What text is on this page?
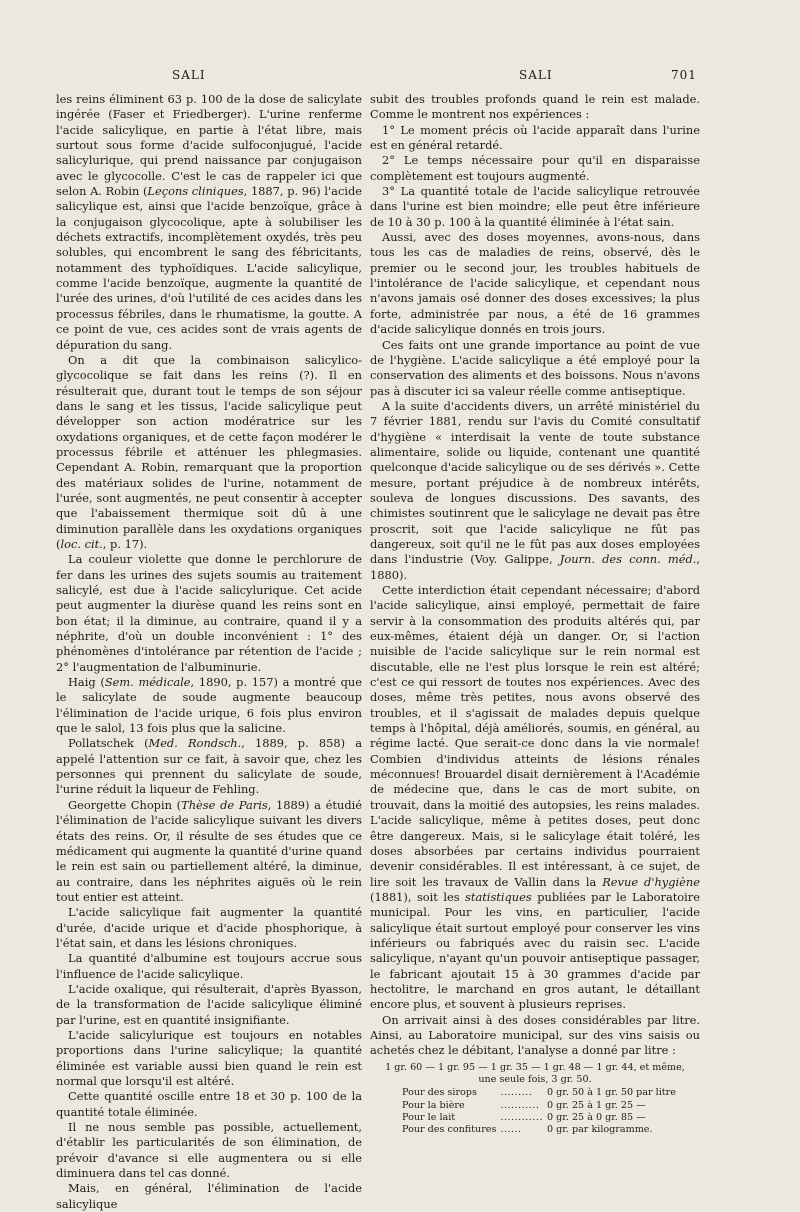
SALI	SALI	701

les reins éliminent 63 p. 100 de la dose de salicylate ingérée (Faser et Friedberger). L'urine renferme l'acide salicylique, en partie à l'état libre, mais surtout sous forme d'acide sulfoconjugué, l'acide salicylurique, qui prend naissance par conjugaison avec le glycocolle. C'est le cas de rappeler ici que selon A. Robin (Leçons cliniques, 1887, p. 96) l'acide salicylique est, ainsi que l'acide benzoïque, grâce à la conjugaison glycocolique, apte à solubiliser les déchets extractifs, incomplètement oxydés, très peu solubles, qui encombrent le sang des fébricitants, notamment des typhoïdiques. L'acide salicylique, comme l'acide benzoïque, augmente la quantité de l'urée des urines, d'où l'utilité de ces acides dans les processus fébriles, dans le rhumatisme, la goutte. A ce point de vue, ces acides sont de vrais agents de dépuration du sang.

On a dit que la combinaison salicylico-glycocolique se fait dans les reins (?). Il en résulterait que, durant tout le temps de son séjour dans le sang et les tissus, l'acide salicylique peut développer son action modératrice sur les oxydations organiques, et de cette façon modérer le processus fébrile et atténuer les phlegmasies. Cependant A. Robin, remarquant que la proportion des matériaux solides de l'urine, notamment de l'urée, sont augmentés, ne peut consentir à accepter que l'abaissement thermique soit dû à une diminution parallèle dans les oxydations organiques (loc. cit., p. 17).

La couleur violette que donne le perchlorure de fer dans les urines des sujets soumis au traitement salicylé, est due à l'acide salicylurique. Cet acide peut augmenter la diurèse quand les reins sont en bon état; il la diminue, au contraire, quand il y a néphrite, d'où un double inconvénient : 1° des phénomènes d'intolérance par rétention de l'acide ; 2° l'augmentation de l'albuminurie.

Haig (Sem. médicale, 1890, p. 157) a montré que le salicylate de soude augmente beaucoup l'élimination de l'acide urique, 6 fois plus environ que le salol, 13 fois plus que la salicine.

Pollatschek (Med. Rondsch., 1889, p. 858) a appelé l'attention sur ce fait, à savoir que, chez les personnes qui prennent du salicylate de soude, l'urine réduit la liqueur de Fehling.

Georgette Chopin (Thèse de Paris, 1889) a étudié l'élimination de l'acide salicylique suivant les divers états des reins. Or, il résulte de ses études que ce médicament qui augmente la quantité d'urine quand le rein est sain ou partiellement altéré, la diminue, au contraire, dans les néphrites aiguës où le rein tout entier est atteint.

L'acide salicylique fait augmenter la quantité d'urée, d'acide urique et d'acide phosphorique, à l'état sain, et dans les lésions chroniques.

La quantité d'albumine est toujours accrue sous l'influence de l'acide salicylique.

L'acide oxalique, qui résulterait, d'après Byasson, de la transformation de l'acide salicylique éliminé par l'urine, est en quantité insignifiante.

L'acide salicylurique est toujours en notables proportions dans l'urine salicylique; la quantité éliminée est variable aussi bien quand le rein est normal que lorsqu'il est altéré.

Cette quantité oscille entre 18 et 30 p. 100 de la quantité totale éliminée.

Il ne nous semble pas possible, actuellement, d'établir les particularités de son élimination, de prévoir d'avance si elle augmentera ou si elle diminuera dans tel cas donné.

Mais, en général, l'élimination de l'acide salicylique

subit des troubles profonds quand le rein est malade. Comme le montrent nos expériences :

1° Le moment précis où l'acide apparaît dans l'urine est en général retardé.

2° Le temps nécessaire pour qu'il en disparaisse complètement est toujours augmenté.

3° La quantité totale de l'acide salicylique retrouvée dans l'urine est bien moindre; elle peut être inférieure de 10 à 30 p. 100 à la quantité éliminée à l'état sain.

Aussi, avec des doses moyennes, avons-nous, dans tous les cas de maladies de reins, observé, dès le premier ou le second jour, les troubles habituels de l'intolérance de l'acide salicylique, et cependant nous n'avons jamais osé donner des doses excessives; la plus forte, administrée par nous, a été de 16 grammes d'acide salicylique donnés en trois jours.

Ces faits ont une grande importance au point de vue de l'hygiène. L'acide salicylique a été employé pour la conservation des aliments et des boissons. Nous n'avons pas à discuter ici sa valeur réelle comme antiseptique.

A la suite d'accidents divers, un arrêté ministériel du 7 février 1881, rendu sur l'avis du Comité consultatif d'hygiène « interdisait la vente de toute substance alimentaire, solide ou liquide, contenant une quantité quelconque d'acide salicylique ou de ses dérivés ». Cette mesure, portant préjudice à de nombreux intérêts, souleva de longues discussions. Des savants, des chimistes soutinrent que le salicylage ne devait pas être proscrit, soit que l'acide salicylique ne fût pas dangereux, soit qu'il ne le fût pas aux doses employées dans l'industrie (Voy. Galippe, Journ. des conn. méd., 1880).

Cette interdiction était cependant nécessaire; d'abord l'acide salicylique, ainsi employé, permettait de faire servir à la consommation des produits altérés qui, par eux-mêmes, étaient déjà un danger. Or, si l'action nuisible de l'acide salicylique sur le rein normal est discutable, elle ne l'est plus lorsque le rein est altéré; c'est ce qui ressort de toutes nos expériences. Avec des doses, même très petites, nous avons observé des troubles, et il s'agissait de malades depuis quelque temps à l'hôpital, déjà améliorés, soumis, en général, au régime lacté. Que serait-ce donc dans la vie normale! Combien d'individus atteints de lésions rénales méconnues! Brouardel disait dernièrement à l'Académie de médecine que, dans le cas de mort subite, on trouvait, dans la moitié des autopsies, les reins malades. L'acide salicylique, même à petites doses, peut donc être dangereux. Mais, si le salicylage était toléré, les doses absorbées par certains individus pourraient devenir considérables. Il est intéressant, à ce sujet, de lire soit les travaux de Vallin dans la Revue d'hygiène (1881), soit les statistiques publiées par le Laboratoire municipal. Pour les vins, en particulier, l'acide salicylique était surtout employé pour conserver les vins inférieurs ou fabriqués avec du raisin sec. L'acide salicylique, n'ayant qu'un pouvoir antiseptique passager, le fabricant ajoutait 15 à 30 grammes d'acide par hectolitre, le marchand en gros autant, le détaillant encore plus, et souvent à plusieurs reprises.

On arrivait ainsi à des doses considérables par litre. Ainsi, au Laboratoire municipal, sur des vins saisis ou achetés chez le débitant, l'analyse a donné par litre :

1 gr. 60 — 1 gr. 95 — 1 gr. 35 — 1 gr. 48 — 1 gr. 44, et même,
une seule fois, 3 gr. 50.
Pour des sirops	.........	0 gr. 50 à 1 gr. 50 par litre
Pour la bière	...........	0 gr. 25 à 1 gr. 25 —
Pour le lait	............	0 gr. 25 à 0 gr. 85 —
Pour des confitures	......	0 gr. par kilogramme.
